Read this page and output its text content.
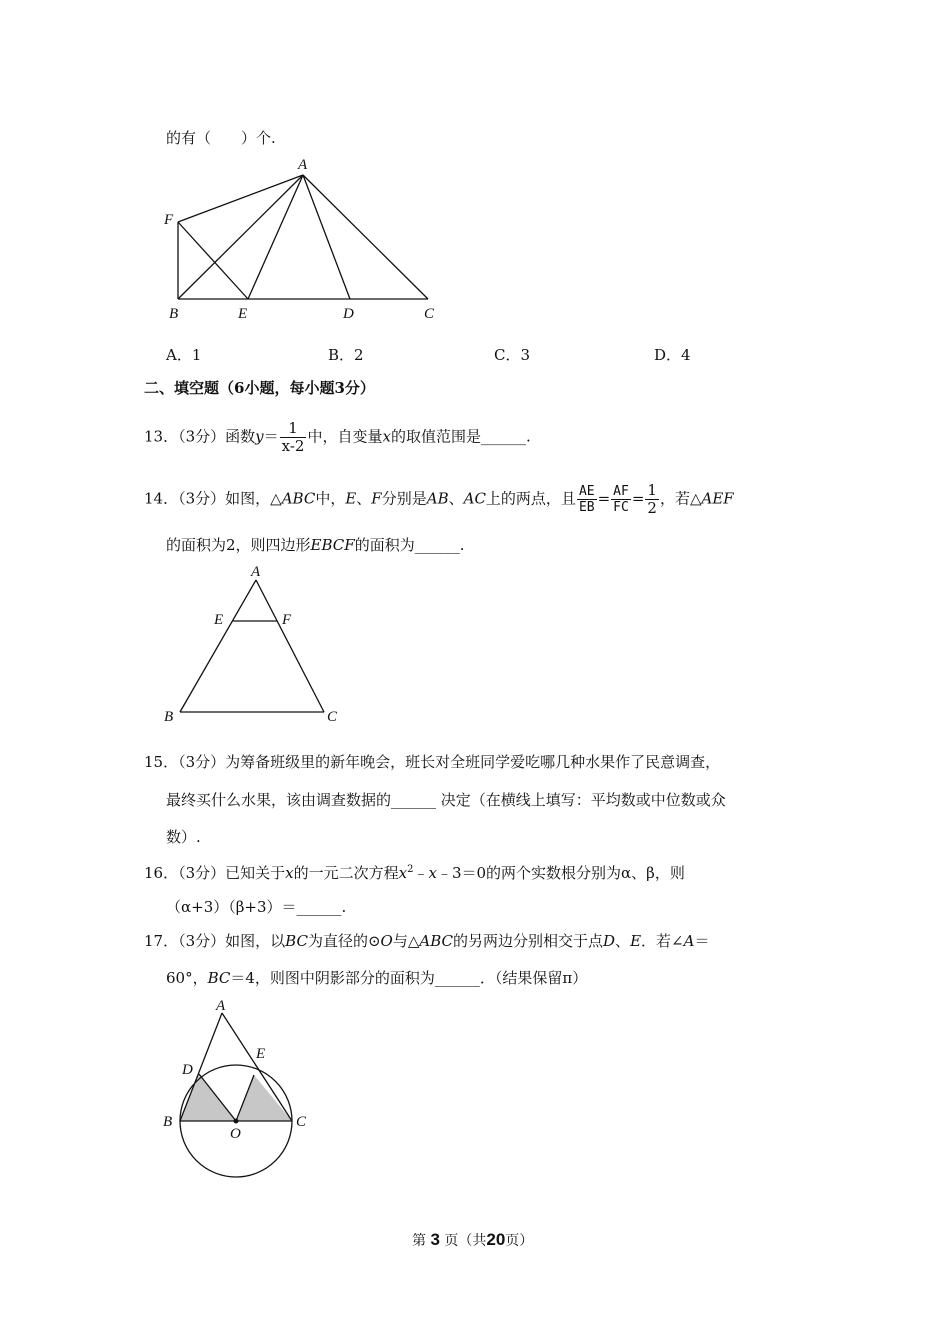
的有（　　）个.
A
F
B	E	D	C
A．1	B．2	C．3	D．4
二、填空题（6小题，每小题3分）
13．（3分）函数$y= \frac{1}{x-2}$ 中，自变量x的取值范围是______.
14．（3分）如图，△ABC中，E、F分别是AB、AC上的两点，且 $\frac{AE}{EB} = \frac{AF}{FC} = \frac{1}{2}$ ，若△AEF
的面积为2，则四边形EBCF的面积为______.
A
E	F
B	C
15．（3分）为筹备班级里的新年晚会，班长对全班同学爱吃哪几种水果作了民意调查，
最终买什么水果，该由调查数据的______ 决定（在横线上填写：平均数或中位数或众
数）.
16．（3分）已知关于x的一元二次方程$x^2﹣x﹣3=0$的两个实数根分别为α、β，则
（α+3）（β+3）＝______.
17．（3分）如图，以BC为直径的⊙O与△ABC的另两边分别相交于点D、E．若∠A＝
60°，BC＝4，则图中阴影部分的面积为______．（结果保留π）
A
D
E
B
O
C
第 3 页（共20页）
